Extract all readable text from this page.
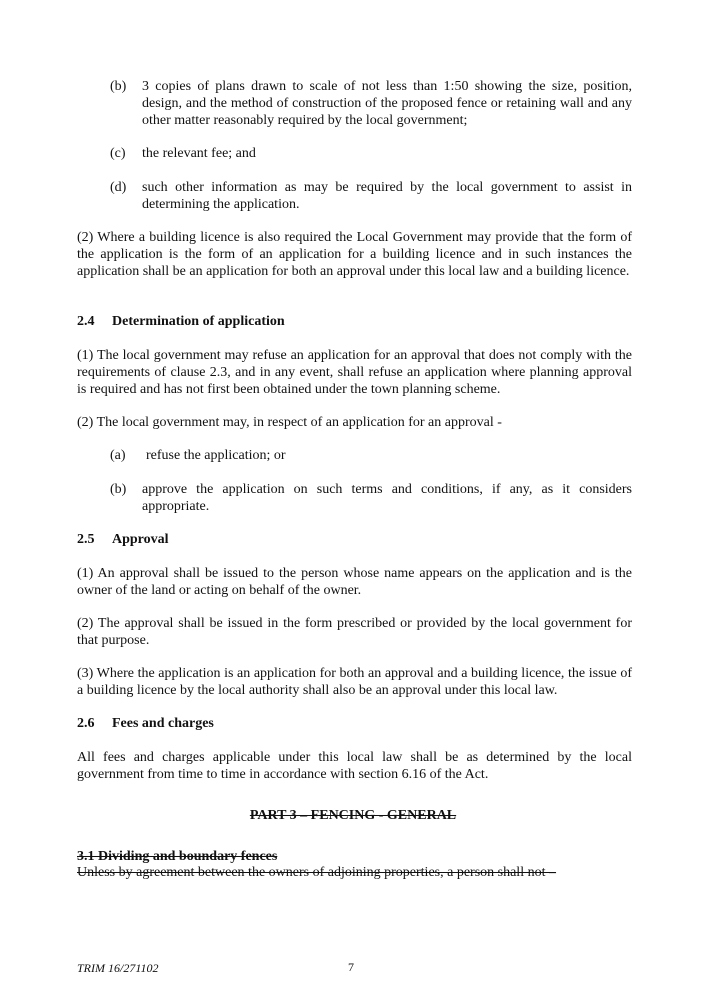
(b) 3 copies of plans drawn to scale of not less than 1:50 showing the size, position, design, and the method of construction of the proposed fence or retaining wall and any other matter reasonably required by the local government;
(c) the relevant fee; and
(d) such other information as may be required by the local government to assist in determining the application.
(2) Where a building licence is also required the Local Government may provide that the form of the application is the form of an application for a building licence and in such instances the application shall be an application for both an approval under this local law and a building licence.
2.4 Determination of application
(1) The local government may refuse an application for an approval that does not comply with the requirements of clause 2.3, and in any event, shall refuse an application where planning approval is required and has not first been obtained under the town planning scheme.
(2) The local government may, in respect of an application for an approval -
(a) refuse the application; or
(b) approve the application on such terms and conditions, if any, as it considers appropriate.
2.5 Approval
(1) An approval shall be issued to the person whose name appears on the application and is the owner of the land or acting on behalf of the owner.
(2) The approval shall be issued in the form prescribed or provided by the local government for that purpose.
(3) Where the application is an application for both an approval and a building licence, the issue of a building licence by the local authority shall also be an approval under this local law.
2.6 Fees and charges
All fees and charges applicable under this local law shall be as determined by the local government from time to time in accordance with section 6.16 of the Act.
PART 3 – FENCING - GENERAL
3.1 Dividing and boundary fences
Unless by agreement between the owners of adjoining properties, a person shall not –
TRIM 16/271102	7
